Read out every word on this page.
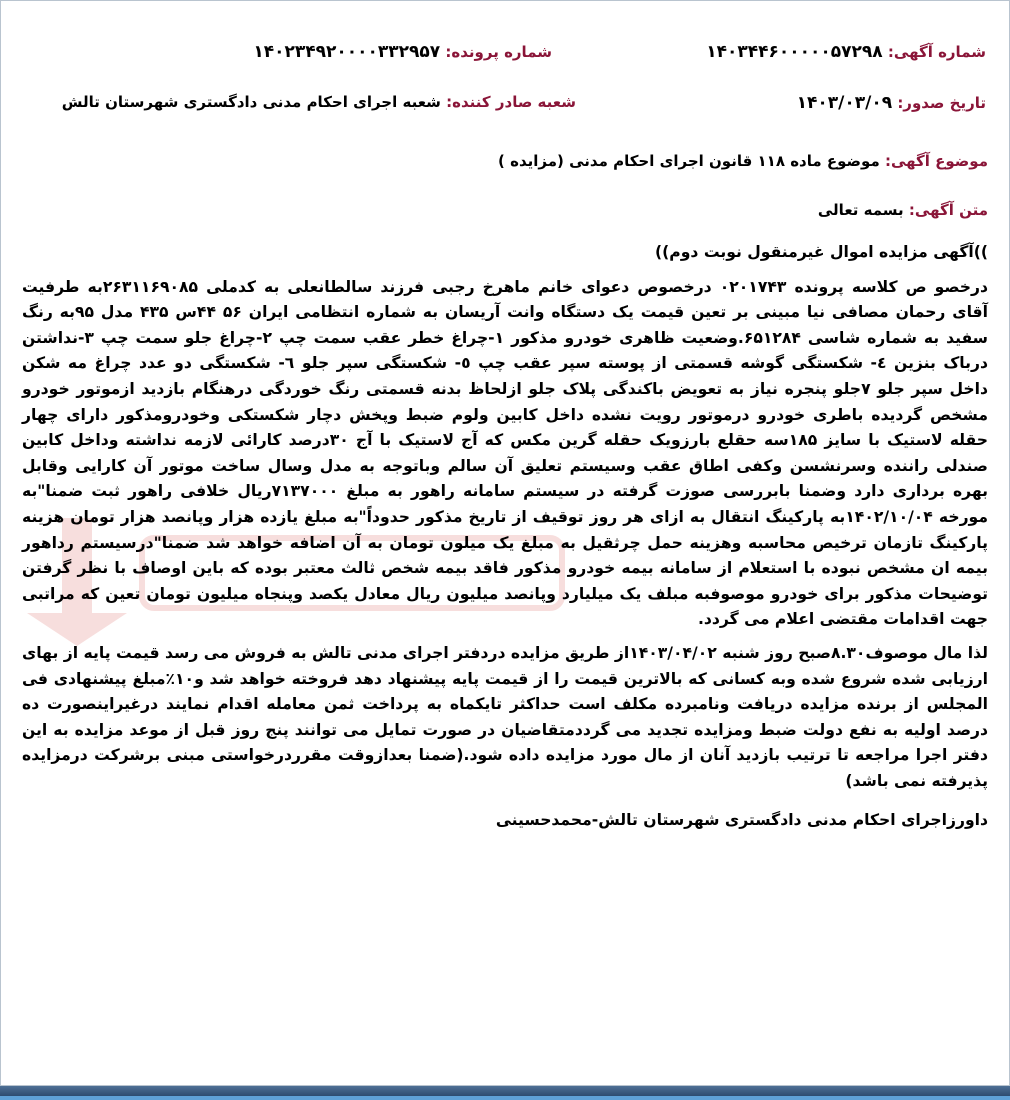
شماره آگهی: ۱۴۰۳۴۴۶۰۰۰۰۰۵۷۲۹۸
شماره پرونده: ۱۴۰۲۳۴۹۲۰۰۰۰۳۳۲۹۵۷
تاریخ صدور: ۱۴۰۳/۰۳/۰۹
شعبه صادر کننده: شعبه اجرای احکام مدنی دادگستری شهرستان تالش
موضوع آگهی: موضوع ماده ۱۱۸ قانون اجرای احکام مدنی (مزایده )
متن آگهی: بسمه تعالی

))آگهی مزایده اموال غیرمنقول نوبت دوم))

درخصو ص کلاسه پرونده ۰۲۰۱۷۴۳ درخصوص دعوای خانم ماهرخ رجبی فرزند سالطانعلی به کدملی ۲۶۳۱۱۶۹۰۸۵به طرفیت آقای رحمان مصافی نیا مبینی بر تعین قیمت یک دستگاه وانت آریسان به شماره انتظامی ایران ۵۶ ۴۴س ۴۳۵ مدل ۹۵به رنگ سفید به شماره شاسی ۶۵۱۲۸۴.وضعیت ظاهری خودرو مذکور ۱-چراغ خطر عقب سمت چپ ۲-چراغ جلو سمت چپ ۳-نداشتن درباک بنزین ٤- شکستگی گوشه قسمتی از پوسته سپر عقب چپ ٥- شکستگی سپر جلو ٦- شکستگی دو عدد چراغ مه شکن داخل سپر جلو ۷جلو پنجره نیاز به تعویض باکندگی پلاک جلو ازلحاظ بدنه قسمتی رنگ خوردگی درهنگام بازدید ازموتور خودرو مشخص گردیده باطری خودرو درموتور رویت نشده داخل کابین ولوم ضبط وپخش دچار شکستکی وخودرومذکور دارای چهار حقله لاستیک با سایز ۱۸۵سه حقلع بارزویک حقله گرین مکس که آج لاستیک با آج ۳۰درصد کارائی لازمه نداشته وداخل کابین صندلی راننده وسرنشسن وکفی اطاق عقب وسیستم تعلیق آن سالم وباتوجه به مدل وسال ساخت موتور آن کارایی وقابل بهره برداری دارد وضمنا بابررسی صوزت گرفته در سیستم سامانه راهور به مبلغ ۷۱۳۷۰۰۰ریال خلافی راهور ثبت ضمنا"به مورخه ۱۴۰۲/۱۰/۰۴به پارکینگ انتقال به ازای هر روز توقیف از تاریخ مذکور حدوداً"به مبلغ یازده هزار وپانصد هزار تومان هزینه پارکینگ تازمان ترخیص محاسبه وهزینه حمل چرثقیل به مبلغ یک میلون تومان به آن اضافه خواهد شد ضمنا"درسیستم رداهور بیمه ان مشخص نبوده با استعلام از سامانه بیمه خودرو مذکور فاقد بیمه شخص ثالث معتبر بوده که باین اوصاف با نظر گرفتن توضیحات مذکور برای خودرو موصوفبه مبلف یک میلیارد وپانصد میلیون ریال معادل یکصد وپنجاه میلیون تومان تعین که مراتبی جهت اقدامات مقتضی اعلام می گردد.

لذا مال موصوف۸.۳۰صبح روز شنبه ۱۴۰۳/۰۴/۰۲از طریق مزایده دردفتر اجرای مدنی تالش به فروش می رسد قیمت پایه از بهای ارزیابی شده شروع شده وبه کسانی که بالاترین قیمت را از قیمت پایه پیشنهاد دهد فروخته خواهد شد و۱۰٪مبلغ پیشنهادی فی المجلس از برنده مزایده دریافت ونامبرده مکلف است حداکثر تایکماه به پرداخت ثمن معامله اقدام نمایند درغیراینصورت ده درصد اولیه به نفع دولت ضبط ومزایده تجدید می گردد‌متقاضیان در صورت تمایل می توانند پنج روز قبل از موعد مزایده به این دفتر اجرا مراجعه تا ترتیب بازدید آنان از مال مورد مزایده داده شود.(ضمنا بعدازوقت مقرردرخواستی مبنی برشرکت درمزایده پذیرفته نمی باشد)

داورزاجرای احکام مدنی دادگستری شهرستان تالش-محمدحسینی
